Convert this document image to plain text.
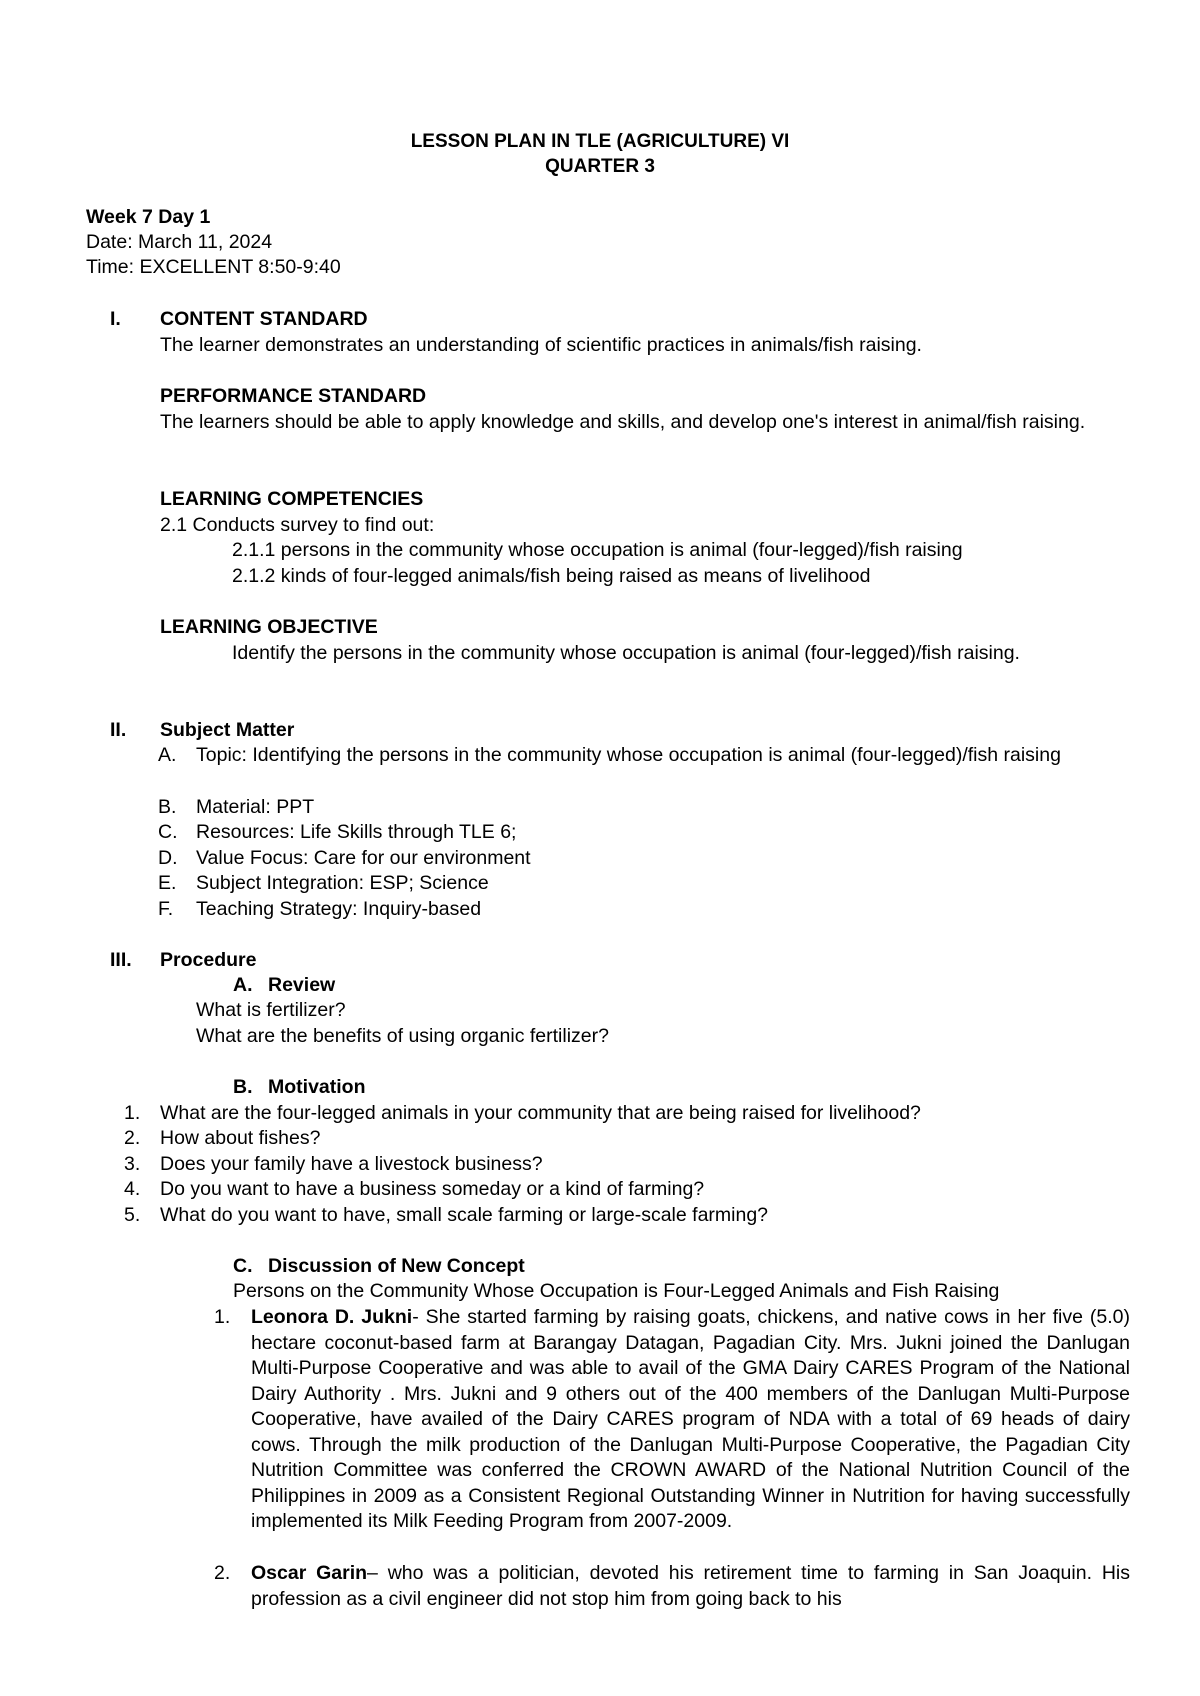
LESSON PLAN IN TLE (AGRICULTURE) VI
QUARTER 3
Week 7 Day 1
Date: March 11, 2024
Time: EXCELLENT 8:50-9:40
I. CONTENT STANDARD

The learner demonstrates an understanding of scientific practices in animals/fish raising.

PERFORMANCE STANDARD

The learners should be able to apply knowledge and skills, and develop one's interest in animal/fish raising.

LEARNING COMPETENCIES

2.1 Conducts survey to find out:

2.1.1 persons in the community whose occupation is animal (four-legged)/fish raising

2.1.2 kinds of four-legged animals/fish being raised as means of livelihood

LEARNING OBJECTIVE

Identify the persons in the community whose occupation is animal (four-legged)/fish raising.

II. Subject Matter
A. Topic: Identifying the persons in the community whose occupation is animal (four-legged)/fish raising
B. Material: PPT
C. Resources: Life Skills through TLE 6;
D. Value Focus: Care for our environment
E. Subject Integration: ESP; Science
F. Teaching Strategy: Inquiry-based
III. Procedure
A. Review
What is fertilizer?
What are the benefits of using organic fertilizer?
B. Motivation
1. What are the four-legged animals in your community that are being raised for livelihood?
2. How about fishes?
3. Does your family have a livestock business?
4. Do you want to have a business someday or a kind of farming?
5. What do you want to have, small scale farming or large-scale farming?
C. Discussion of New Concept
Persons on the Community Whose Occupation is Four-Legged Animals and Fish Raising
1. Leonora D. Jukni- She started farming by raising goats, chickens, and native cows in her five (5.0) hectare coconut-based farm at Barangay Datagan, Pagadian City. Mrs. Jukni joined the Danlugan Multi-Purpose Cooperative and was able to avail of the GMA Dairy CARES Program of the National Dairy Authority . Mrs. Jukni and 9 others out of the 400 members of the Danlugan Multi-Purpose Cooperative, have availed of the Dairy CARES program of NDA with a total of 69 heads of dairy cows. Through the milk production of the Danlugan Multi-Purpose Cooperative, the Pagadian City Nutrition Committee was conferred the CROWN AWARD of the National Nutrition Council of the Philippines in 2009 as a Consistent Regional Outstanding Winner in Nutrition for having successfully implemented its Milk Feeding Program from 2007-2009.
2. Oscar Garin– who was a politician, devoted his retirement time to farming in San Joaquin. His profession as a civil engineer did not stop him from going back to his
